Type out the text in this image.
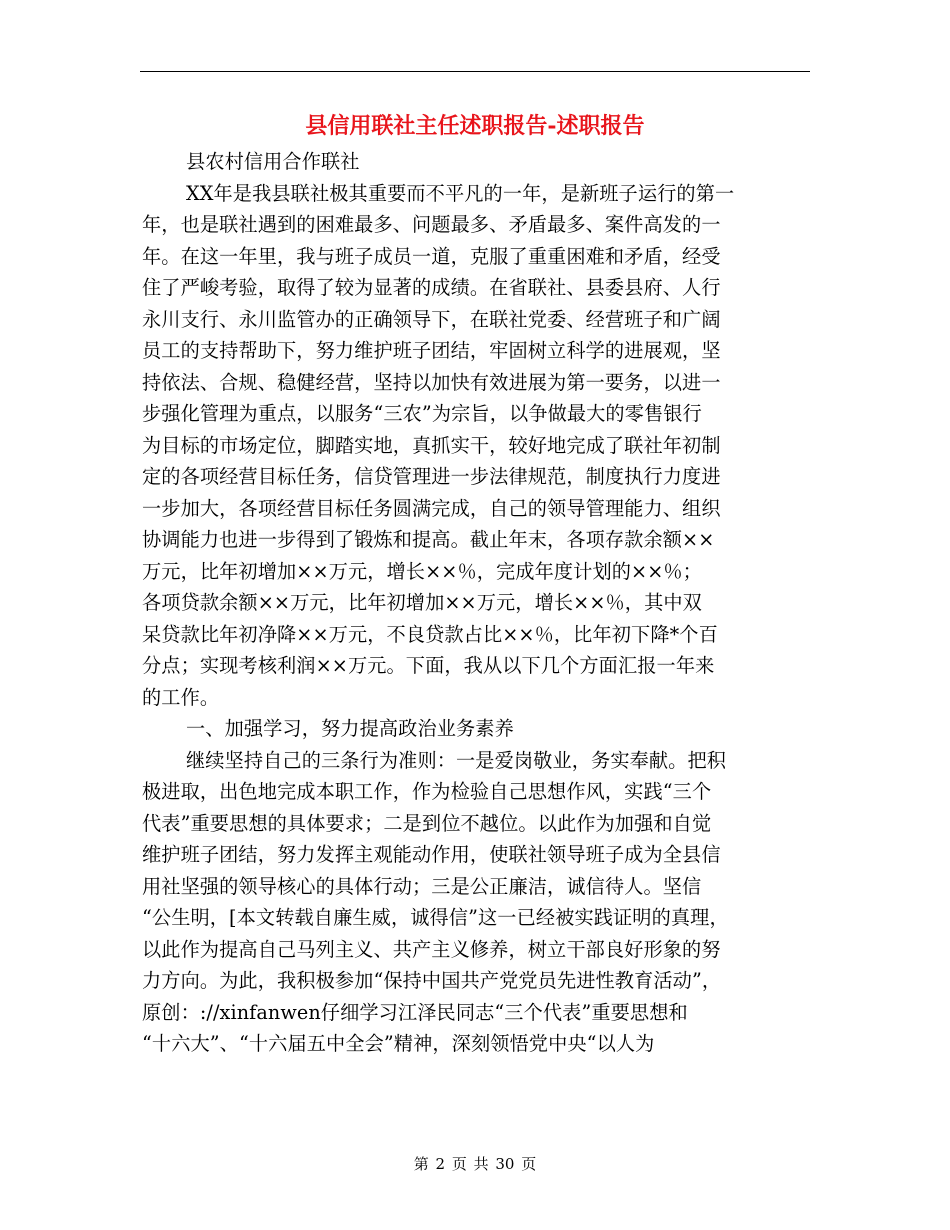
县信用联社主任述职报告-述职报告

县农村信用合作联社

XX年是我县联社极其重要而不平凡的一年，是新班子运行的第一
年，也是联社遇到的困难最多、问题最多、矛盾最多、案件高发的一
年。在这一年里，我与班子成员一道，克服了重重困难和矛盾，经受
住了严峻考验，取得了较为显著的成绩。在省联社、县委县府、人行
永川支行、永川监管办的正确领导下，在联社党委、经营班子和广阔
员工的支持帮助下，努力维护班子团结，牢固树立科学的进展观，坚
持依法、合规、稳健经营，坚持以加快有效进展为第一要务，以进一
步强化管理为重点，以服务“三农”为宗旨，以争做最大的零售银行
为目标的市场定位，脚踏实地，真抓实干，较好地完成了联社年初制
定的各项经营目标任务，信贷管理进一步法律规范，制度执行力度进
一步加大，各项经营目标任务圆满完成，自己的领导管理能力、组织
协调能力也进一步得到了锻炼和提高。截止年末，各项存款余额××
万元，比年初增加××万元，增长××％，完成年度计划的××％；
各项贷款余额××万元，比年初增加××万元，增长××％，其中双
呆贷款比年初净降××万元，不良贷款占比××％，比年初下降*个百
分点；实现考核利润××万元。下面，我从以下几个方面汇报一年来
的工作。

一、加强学习，努力提高政治业务素养

继续坚持自己的三条行为准则：一是爱岗敬业，务实奉献。把积
极进取，出色地完成本职工作，作为检验自己思想作风，实践“三个
代表”重要思想的具体要求；二是到位不越位。以此作为加强和自觉
维护班子团结，努力发挥主观能动作用，使联社领导班子成为全县信
用社坚强的领导核心的具体行动；三是公正廉洁，诚信待人。坚信
“公生明，[本文转载自廉生威，诚得信”这一已经被实践证明的真理，
以此作为提高自己马列主义、共产主义修养，树立干部良好形象的努
力方向。为此，我积极参加“保持中国共产党党员先进性教育活动”，
原创：://xinfanwen仔细学习江泽民同志“三个代表”重要思想和
“十六大”、“十六届五中全会”精神，深刻领悟党中央“以人为

第 2 页 共 30 页
